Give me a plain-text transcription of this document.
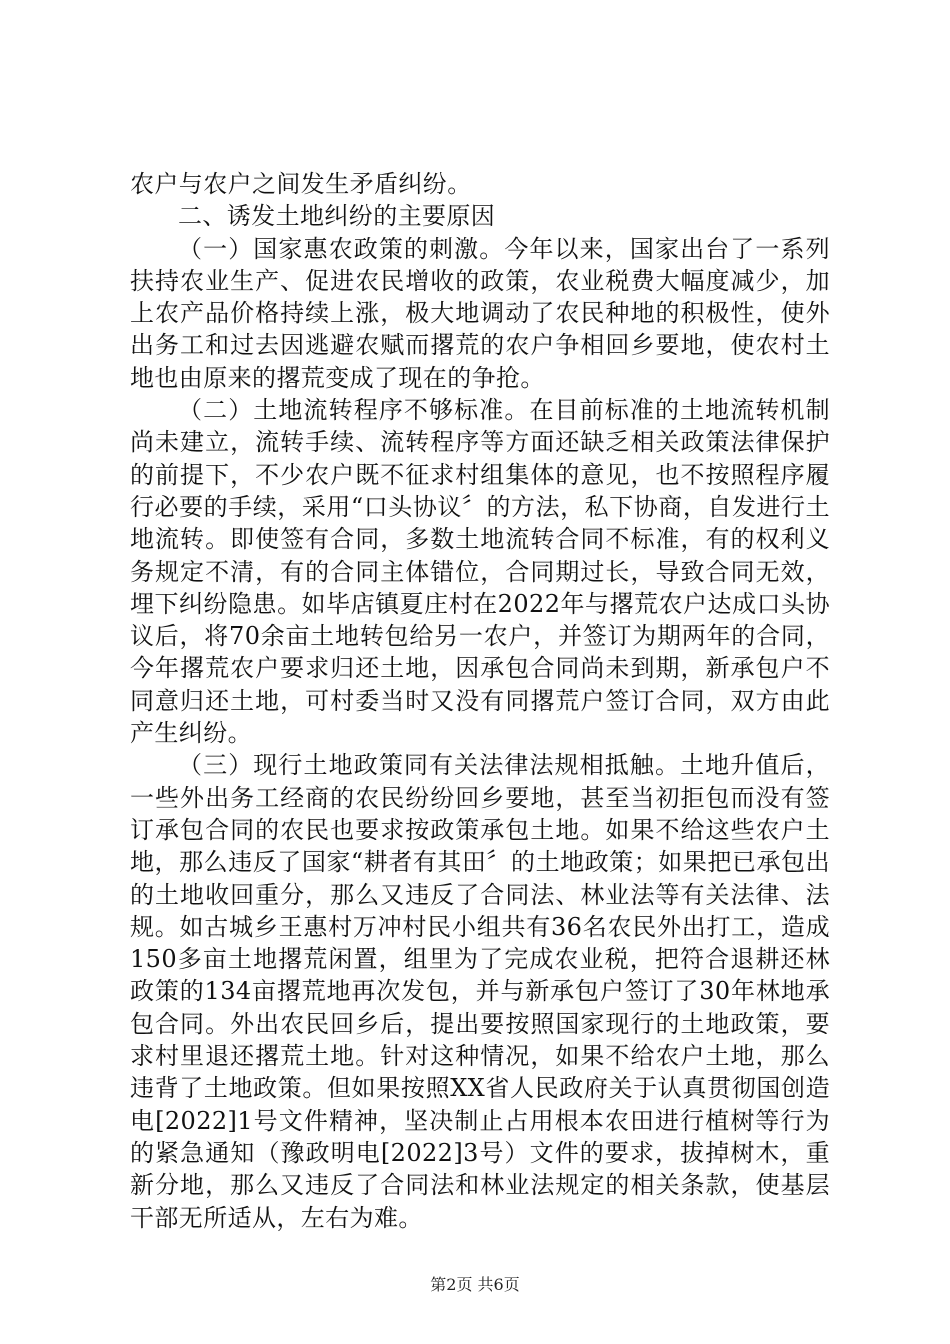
农户与农户之间发生矛盾纠纷。

二、诱发土地纠纷的主要原因

（一）国家惠农政策的刺激。今年以来，国家出台了一系列扶持农业生产、促进农民增收的政策，农业税费大幅度减少，加上农产品价格持续上涨，极大地调动了农民种地的积极性，使外出务工和过去因逃避农赋而撂荒的农户争相回乡要地，使农村土地也由原来的撂荒变成了现在的争抢。

（二）土地流转程序不够标准。在目前标准的土地流转机制尚未建立，流转手续、流转程序等方面还缺乏相关政策法律保护的前提下，不少农户既不征求村组集体的意见，也不按照程序履行必要的手续，采用“口头协议〞的方法，私下协商，自发进行土地流转。即使签有合同，多数土地流转合同不标准，有的权利义务规定不清，有的合同主体错位，合同期过长，导致合同无效，埋下纠纷隐患。如毕店镇夏庄村在2022年与撂荒农户达成口头协议后，将70余亩土地转包给另一农户，并签订为期两年的合同，今年撂荒农户要求归还土地，因承包合同尚未到期，新承包户不同意归还土地，可村委当时又没有同撂荒户签订合同，双方由此产生纠纷。

（三）现行土地政策同有关法律法规相抵触。土地升值后，一些外出务工经商的农民纷纷回乡要地，甚至当初拒包而没有签订承包合同的农民也要求按政策承包土地。如果不给这些农户土地，那么违反了国家“耕者有其田〞的土地政策；如果把已承包出的土地收回重分，那么又违反了合同法、林业法等有关法律、法规。如古城乡王惠村万冲村民小组共有36名农民外出打工，造成150多亩土地撂荒闲置，组里为了完成农业税，把符合退耕还林政策的134亩撂荒地再次发包，并与新承包户签订了30年林地承包合同。外出农民回乡后，提出要按照国家现行的土地政策，要求村里退还撂荒土地。针对这种情况，如果不给农户土地，那么违背了土地政策。但如果按照XX省人民政府关于认真贯彻国创造电[2022]1号文件精神，坚决制止占用根本农田进行植树等行为的紧急通知（豫政明电[2022]3号）文件的要求，拔掉树木，重新分地，那么又违反了合同法和林业法规定的相关条款，使基层干部无所适从，左右为难。

第2页 共6页
